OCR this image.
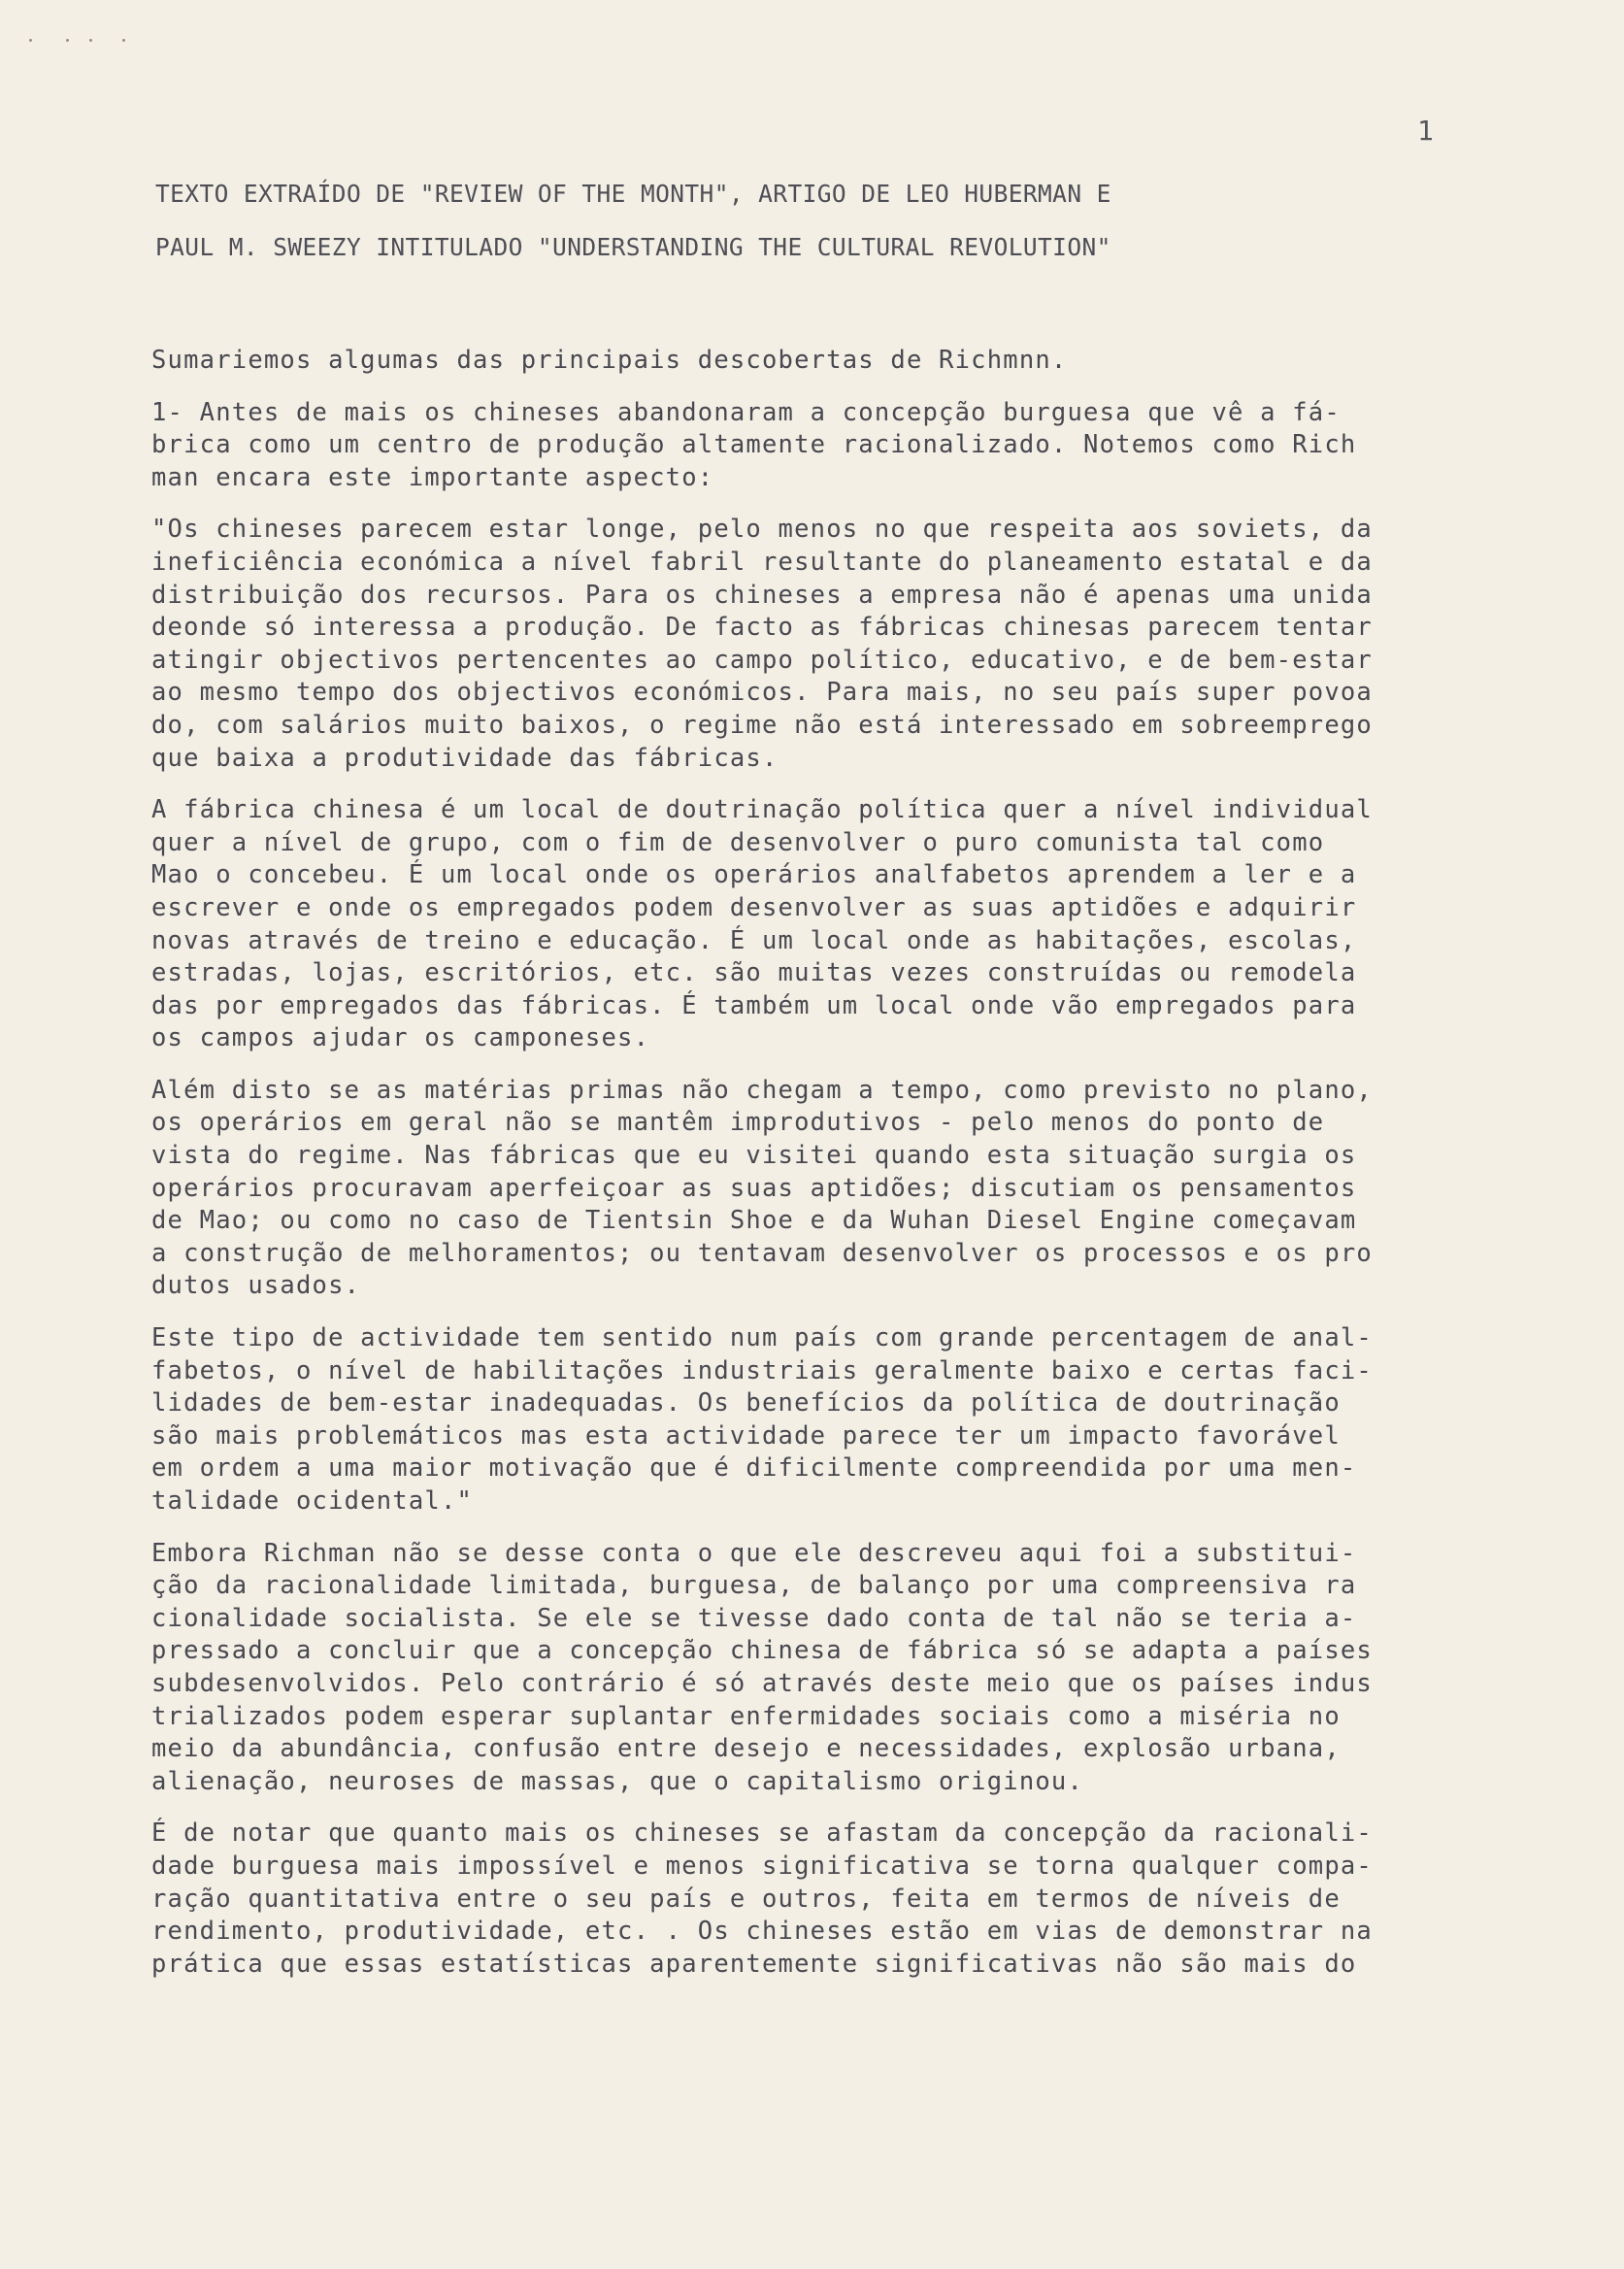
1
TEXTO EXTRAÍDO DE "REVIEW OF THE MONTH", ARTIGO DE LEO HUBERMAN E
PAUL M. SWEEZY INTITULADO "UNDERSTANDING THE CULTURAL REVOLUTION"
Sumariemos algumas das principais descobertas de Richmnn.
1- Antes de mais os chineses abandonaram a concepção burguesa que vê a fá-
brica como um centro de produção altamente racionalizado. Notemos como Rich
man encara este importante aspecto:
"Os chineses parecem estar longe, pelo menos no que respeita aos soviets, da
ineficiência económica a nível fabril resultante do planeamento estatal e da
distribuição dos recursos. Para os chineses a empresa não é apenas uma unida
deonde só interessa a produção. De facto as fábricas chinesas parecem tentar
atingir objectivos pertencentes ao campo político, educativo, e de bem-estar
ao mesmo tempo dos objectivos económicos. Para mais, no seu país super povoa
do, com salários muito baixos, o regime não está interessado em sobreemprego
que baixa a produtividade das fábricas.
A fábrica chinesa é um local de doutrinação política quer a nível individual
quer a nível de grupo, com o fim de desenvolver o puro comunista tal como
Mao o concebeu. É um local onde os operários analfabetos aprendem a ler e a
escrever e onde os empregados podem desenvolver as suas aptidões e adquirir
novas através de treino e educação. É um local onde as habitações, escolas,
estradas, lojas, escritórios, etc. são muitas vezes construídas ou remodela
das por empregados das fábricas. É também um local onde vão empregados para
os campos ajudar os camponeses.
Além disto se as matérias primas não chegam a tempo, como previsto no plano,
os operários em geral não se mantêm improdutivos - pelo menos do ponto de
vista do regime. Nas fábricas que eu visitei quando esta situação surgia os
operários procuravam aperfeiçoar as suas aptidões; discutiam os pensamentos
de Mao; ou como no caso de Tientsin Shoe e da Wuhan Diesel Engine começavam
a construção de melhoramentos; ou tentavam desenvolver os processos e os pro
dutos usados.
Este tipo de actividade tem sentido num país com grande percentagem de anal-
fabetos, o nível de habilitações industriais geralmente baixo e certas faci-
lidades de bem-estar inadequadas. Os benefícios da política de doutrinação
são mais problemáticos mas esta actividade parece ter um impacto favorável
em ordem a uma maior motivação que é dificilmente compreendida por uma men-
talidade ocidental."
Embora Richman não se desse conta o que ele descreveu aqui foi a substitui-
ção da racionalidade limitada, burguesa, de balanço por uma compreensiva ra
cionalidade socialista. Se ele se tivesse dado conta de tal não se teria a-
pressado a concluir que a concepção chinesa de fábrica só se adapta a países
subdesenvolvidos. Pelo contrário é só através deste meio que os países indus
trializados podem esperar suplantar enfermidades sociais como a miséria no
meio da abundância, confusão entre desejo e necessidades, explosão urbana,
alienação, neuroses de massas, que o capitalismo originou.
É de notar que quanto mais os chineses se afastam da concepção da racionali-
dade burguesa mais impossível e menos significativa se torna qualquer compa-
ração quantitativa entre o seu país e outros, feita em termos de níveis de
rendimento, produtividade, etc. . Os chineses estão em vias de demonstrar na
prática que essas estatísticas aparentemente significativas não são mais do
